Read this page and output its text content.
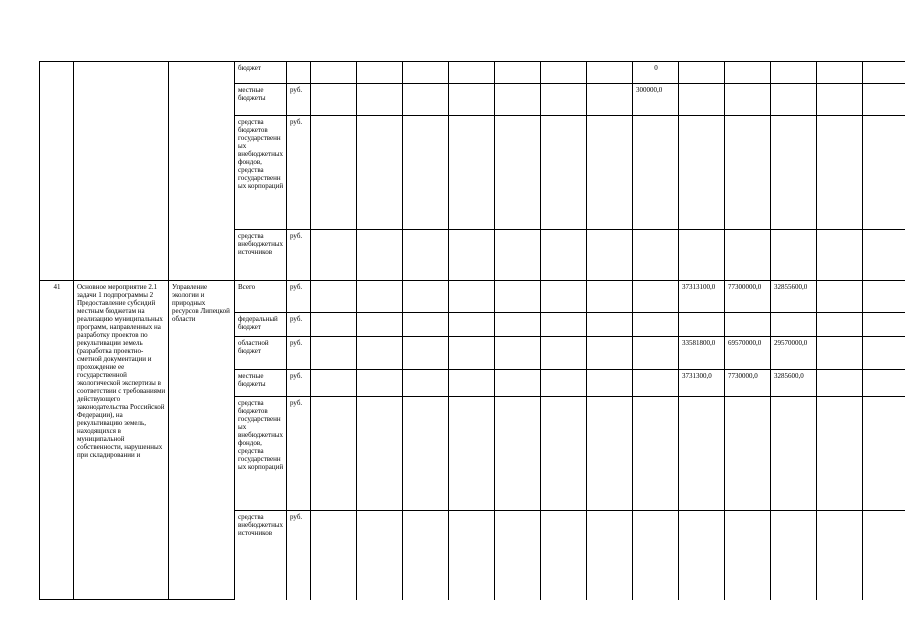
			бюджет									0					
			местные бюджеты	руб.								300000,0					
			средства бюджетов государственных внебюджетных фондов, средства государственных корпораций	руб.													
			средства внебюджетных источников	руб.													
41	Основное мероприятие 2.1 задачи 1 подпрограммы 2 Предоставление субсидий местным бюджетам на реализацию муниципальных программ, направленных на разработку проектов по рекультивации земель (разработка проектно-сметной документации и прохождение ее государственной экологической экспертизы в соответствии с требованиями действующего законодательства Российской Федерации), на рекультивацию земель, находящихся в муниципальной собственности, нарушенных при складировании и	Управление экологии и природных ресурсов Липецкой области	Всего	руб.									37313100,0	77300000,0	32855600,0		
			федеральный бюджет	руб.													
			областной бюджет	руб.									33581800,0	69570000,0	29570000,0		
			местные бюджеты	руб.									3731300,0	7730000,0	3285600,0		
			средства бюджетов государственных внебюджетных фондов, средства государственных корпораций	руб.													
			средства внебюджетных источников	руб.													
